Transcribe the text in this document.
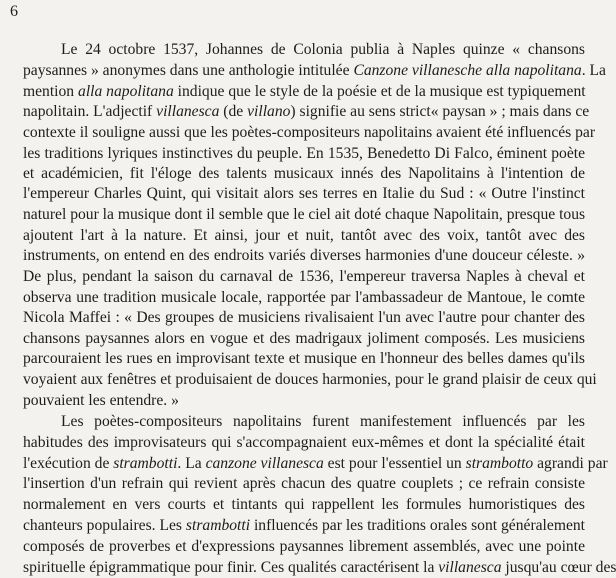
6
Le 24 octobre 1537, Johannes de Colonia publia à Naples quinze « chansons
paysannes » anonymes dans une anthologie intitulée Canzone villanesche alla napolitana. La
mention alla napolitana indique que le style de la poésie et de la musique est typiquement
napolitain. L'adjectif villanesca (de villano) signifie au sens strict« paysan » ; mais dans ce
contexte il souligne aussi que les poètes-compositeurs napolitains avaient été influencés par
les traditions lyriques instinctives du peuple. En 1535, Benedetto Di Falco, éminent poète
et académicien, fit l'éloge des talents musicaux innés des Napolitains à l'intention de
l'empereur Charles Quint, qui visitait alors ses terres en Italie du Sud : « Outre l'instinct
naturel pour la musique dont il semble que le ciel ait doté chaque Napolitain, presque tous
ajoutent l'art à la nature. Et ainsi, jour et nuit, tantôt avec des voix, tantôt avec des
instruments, on entend en des endroits variés diverses harmonies d'une douceur céleste. »
De plus, pendant la saison du carnaval de 1536, l'empereur traversa Naples à cheval et
observa une tradition musicale locale, rapportée par l'ambassadeur de Mantoue, le comte
Nicola Maffei : « Des groupes de musiciens rivalisaient l'un avec l'autre pour chanter des
chansons paysannes alors en vogue et des madrigaux joliment composés. Les musiciens
parcouraient les rues en improvisant texte et musique en l'honneur des belles dames qu'ils
voyaient aux fenêtres et produisaient de douces harmonies, pour le grand plaisir de ceux qui
pouvaient les entendre. »
Les poètes-compositeurs napolitains furent manifestement influencés par les
habitudes des improvisateurs qui s'accompagnaient eux-mêmes et dont la spécialité était
l'exécution de strambotti. La canzone villanesca est pour l'essentiel un strambotto agrandi par
l'insertion d'un refrain qui revient après chacun des quatre couplets ; ce refrain consiste
normalement en vers courts et tintants qui rappellent les formules humoristiques des
chanteurs populaires. Les strambotti influencés par les traditions orales sont généralement
composés de proverbes et d'expressions paysannes librement assemblés, avec une pointe
spirituelle épigrammatique pour finir. Ces qualités caractérisent la villanesca jusqu'au cœur des
